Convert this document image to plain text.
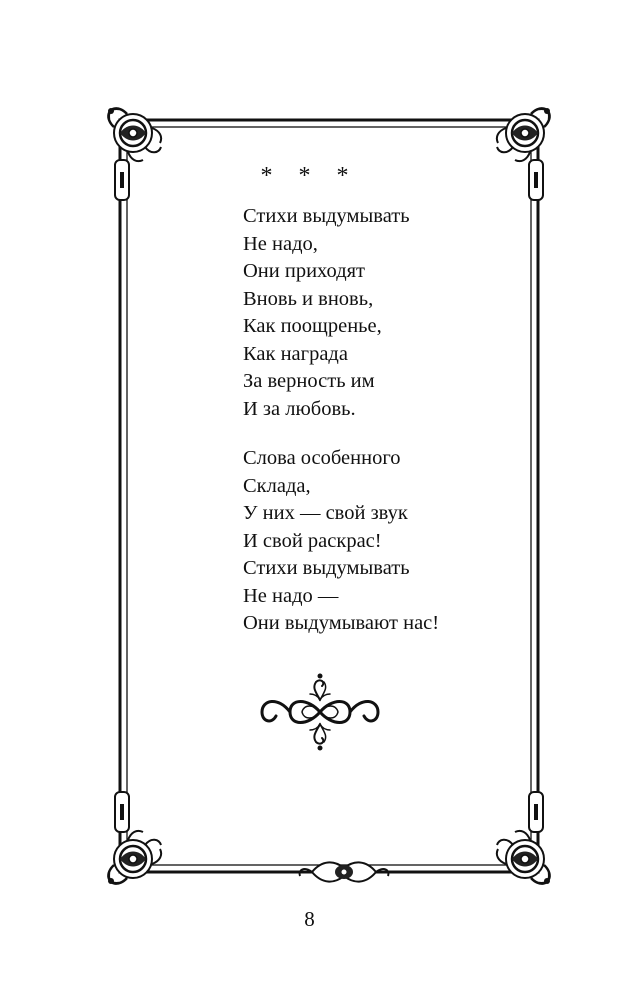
* * *
Стихи выдумывать
Не надо,
Они приходят
Вновь и вновь,
Как поощренье,
Как награда
За верность им
И за любовь.
Слова особенного
Склада,
У них — свой звук
И свой раскрас!
Стихи выдумывать
Не надо —
Они выдумывают нас!
8
